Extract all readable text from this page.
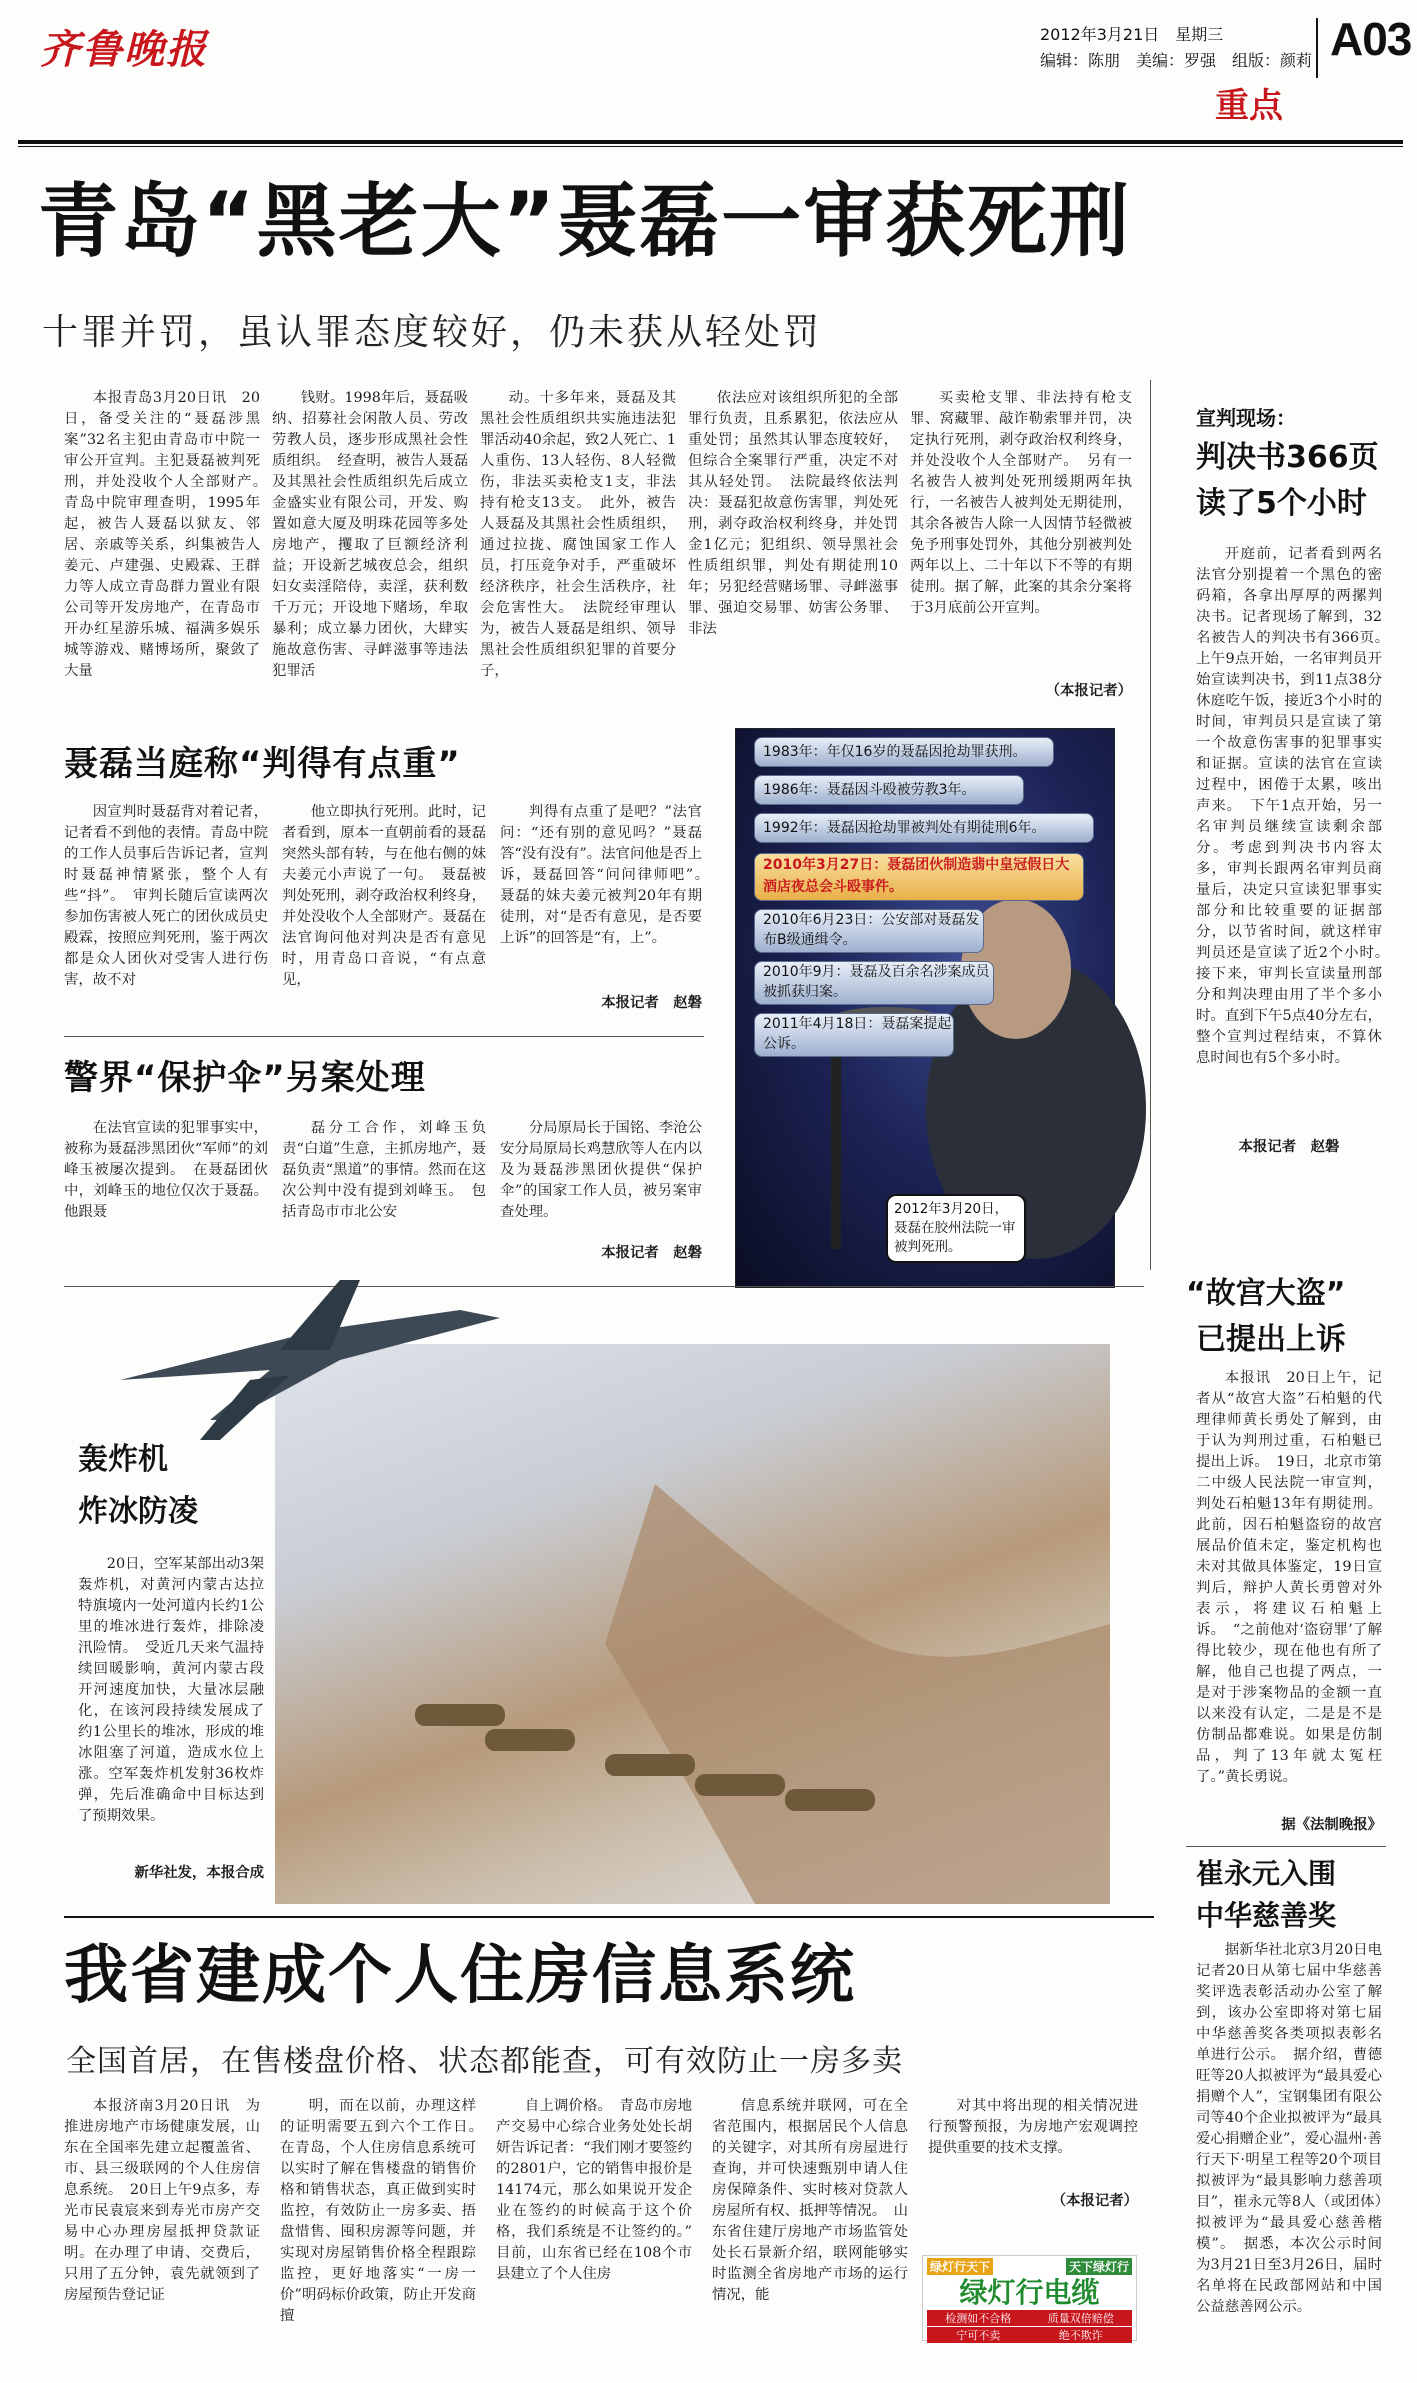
齐鲁晚报	2012年3月21日　星期三
编辑：陈朋　美编：罗强　组版：颜莉 A03
重点
青岛“黑老大”聂磊一审获死刑
十罪并罚，虽认罪态度较好，仍未获从轻处罚

本报青岛3月20日讯　20日，备受关注的“聂磊涉黑案”32名主犯由青岛市中院一审公开宣判。主犯聂磊被判死刑，并处没收个人全部财产。　青岛中院审理查明，1995年起，被告人聂磊以狱友、邻居、亲戚等关系，纠集被告人姜元、卢建强、史殿霖、王群力等人成立青岛群力置业有限公司等开发房地产，在青岛市开办红星游乐城、福满多娱乐城等游戏、赌博场所，聚敛了大量

钱财。1998年后，聂磊吸纳、招募社会闲散人员、劳改劳教人员，逐步形成黑社会性质组织。　经查明，被告人聂磊及其黑社会性质组织先后成立金盛实业有限公司，开发、购置如意大厦及明珠花园等多处房地产，攫取了巨额经济利益；开设新艺城夜总会，组织妇女卖淫陪侍，卖淫，获利数千万元；开设地下赌场，牟取暴利；成立暴力团伙，大肆实施故意伤害、寻衅滋事等违法犯罪活

动。十多年来，聂磊及其黑社会性质组织共实施违法犯罪活动40余起，致2人死亡、1人重伤、13人轻伤、8人轻微伤，非法买卖枪支1支，非法持有枪支13支。　此外，被告人聂磊及其黑社会性质组织，通过拉拢、腐蚀国家工作人员，打压竞争对手，严重破坏经济秩序，社会生活秩序，社会危害性大。　法院经审理认为，被告人聂磊是组织、领导黑社会性质组织犯罪的首要分子，

依法应对该组织所犯的全部罪行负责，且系累犯，依法应从重处罚；虽然其认罪态度较好，但综合全案罪行严重，决定不对其从轻处罚。　法院最终依法判决：聂磊犯故意伤害罪，判处死刑，剥夺政治权利终身，并处罚金1亿元；犯组织、领导黑社会性质组织罪，判处有期徒刑10年；另犯经营赌场罪、寻衅滋事罪、强迫交易罪、妨害公务罪、非法

买卖枪支罪、非法持有枪支罪、窝藏罪、敲诈勒索罪并罚，决定执行死刑，剥夺政治权利终身，并处没收个人全部财产。　另有一名被告人被判处死刑缓期两年执行，一名被告人被判处无期徒刑，其余各被告人除一人因情节轻微被免予刑事处罚外，其他分别被判处两年以上、二十年以下不等的有期徒刑。据了解，此案的其余分案将于3月底前公开宣判。

（本报记者）
宣判现场：
判决书366页
读了5个小时

开庭前，记者看到两名法官分别提着一个黑色的密码箱，各拿出厚厚的两摞判决书。记者现场了解到，32名被告人的判决书有366页。　上午9点开始，一名审判员开始宣读判决书，到11点38分休庭吃午饭，接近3个小时的时间，审判员只是宣读了第一个故意伤害事的犯罪事实和证据。宣读的法官在宣读过程中，困倦于太累，咳出声来。　下午1点开始，另一名审判员继续宣读剩余部分。考虑到判决书内容太多，审判长跟两名审判员商量后，决定只宣读犯罪事实部分和比较重要的证据部分，以节省时间，就这样审判员还是宣读了近2个小时。　接下来，审判长宣读量刑部分和判决理由用了半个多小时。直到下午5点40分左右，整个宣判过程结束，不算休息时间也有5个多小时。

本报记者　赵磐
聂磊当庭称“判得有点重”

因宣判时聂磊背对着记者，记者看不到他的表情。青岛中院的工作人员事后告诉记者，宣判时聂磊神情紧张，整个人有些“抖”。　审判长随后宣读两次参加伤害被人死亡的团伙成员史殿霖，按照应判死刑，鉴于两次都是众人团伙对受害人进行伤害，故不对

他立即执行死刑。此时，记者看到，原本一直朝前看的聂磊突然头部有转，与在他右侧的妹夫姜元小声说了一句。　聂磊被判处死刑，剥夺政治权利终身，并处没收个人全部财产。聂磊在法官询问他对判决是否有意见时，用青岛口音说，“有点意见，

判得有点重了是吧？”法官问：“还有别的意见吗？”聂磊答“没有没有”。法官问他是否上诉，聂磊回答“问问律师吧”。　聂磊的妹夫姜元被判20年有期徒刑，对“是否有意见，是否要上诉”的回答是“有，上”。

本报记者　赵磐
警界“保护伞”另案处理

在法官宣读的犯罪事实中，被称为聂磊涉黑团伙“军师”的刘峰玉被屡次提到。　在聂磊团伙中，刘峰玉的地位仅次于聂磊。他跟聂

磊分工合作，刘峰玉负责“白道”生意，主抓房地产，聂磊负责“黑道”的事情。然而在这次公判中没有提到刘峰玉。　包括青岛市市北公安

分局原局长于国铭、李沧公安分局原局长鸡慧欣等人在内以及为聂磊涉黑团伙提供“保护伞”的国家工作人员，被另案审查处理。

本报记者　赵磐
1983年：年仅16岁的聂磊因抢劫罪获刑。
1986年：聂磊因斗殴被劳教3年。
1992年：聂磊因抢劫罪被判处有期徒刑6年。
2010年3月27日：聂磊团伙制造翡中皇冠假日大酒店夜总会斗殴事件。
2010年6月23日：公安部对聂磊发布B级通缉令。
2010年9月：聂磊及百余名涉案成员被抓获归案。
2011年4月18日：聂磊案提起公诉。
2012年3月20日，聂磊在胶州法院一审被判死刑。
轰炸机
炸冰防凌

20日，空军某部出动3架轰炸机，对黄河内蒙古达拉特旗境内一处河道内长约1公里的堆冰进行轰炸，排除凌汛险情。　受近几天来气温持续回暖影响，黄河内蒙古段开河速度加快，大量冰层融化，在该河段持续发展成了约1公里长的堆冰，形成的堆冰阻塞了河道，造成水位上涨。空军轰炸机发射36枚炸弹，先后准确命中目标达到了预期效果。

新华社发，本报合成
“故宫大盗”
已提出上诉

本报讯　20日上午，记者从“故宫大盗”石柏魁的代理律师黄长勇处了解到，由于认为判刑过重，石柏魁已提出上诉。　19日，北京市第二中级人民法院一审宣判，判处石柏魁13年有期徒刑。此前，因石柏魁盗窃的故宫展品价值未定，鉴定机构也未对其做具体鉴定，19日宣判后，辩护人黄长勇曾对外表示，将建议石柏魁上诉。　“之前他对‘盗窃罪’了解得比较少，现在他也有所了解，他自己也提了两点，一是对于涉案物品的金额一直以来没有认定，二是是不是仿制品都难说。如果是仿制品，判了13年就太冤枉了。”黄长勇说。

据《法制晚报》
崔永元入围
中华慈善奖

据新华社北京3月20日电　记者20日从第七届中华慈善奖评选表彰活动办公室了解到，该办公室即将对第七届中华慈善奖各类项拟表彰名单进行公示。　据介绍，曹德旺等20人拟被评为“最具爱心捐赠个人”，宝钢集团有限公司等40个企业拟被评为“最具爱心捐赠企业”，爱心温州·善行天下·明星工程等20个项目拟被评为“最具影响力慈善项目”，崔永元等8人（或团体）拟被评为“最具爱心慈善楷模”。　据悉，本次公示时间为3月21日至3月26日，届时名单将在民政部网站和中国公益慈善网公示。

我省建成个人住房信息系统
全国首居，在售楼盘价格、状态都能查，可有效防止一房多卖

本报济南3月20日讯　为推进房地产市场健康发展，山东在全国率先建立起覆盖省、市、县三级联网的个人住房信息系统。　20日上午9点多，寿光市民袁宸来到寿光市房产交易中心办理房屋抵押贷款证明。在办理了申请、交费后，只用了五分钟，袁先就领到了房屋预告登记证

明，而在以前，办理这样的证明需要五到六个工作日。　在青岛，个人住房信息系统可以实时了解在售楼盘的销售价格和销售状态，真正做到实时监控，有效防止一房多卖、捂盘惜售、囤积房源等问题，并实现对房屋销售价格全程跟踪监控，更好地落实“一房一价”明码标价政策，防止开发商擅

自上调价格。　青岛市房地产交易中心综合业务处处长胡妍告诉记者：“我们刚才要签约的2801户，它的销售申报价是14174元，那么如果说开发企业在签约的时候高于这个价格，我们系统是不让签约的。”　目前，山东省已经在108个市县建立了个人住房

信息系统并联网，可在全省范围内，根据居民个人信息的关键字，对其所有房屋进行查询，并可快速甄别申请人住房保障条件、实时核对贷款人房屋所有权、抵押等情况。　山东省住建厅房地产市场监管处处长石景新介绍，联网能够实时监测全省房地产市场的运行情况，能

对其中将出现的相关情况进行预警预报，为房地产宏观调控提供重要的技术支撑。

（本报记者）
绿灯行天下	天下绿灯行
绿灯行电缆
检测如不合格	质量双倍赔偿
宁可不卖	绝不欺诈
